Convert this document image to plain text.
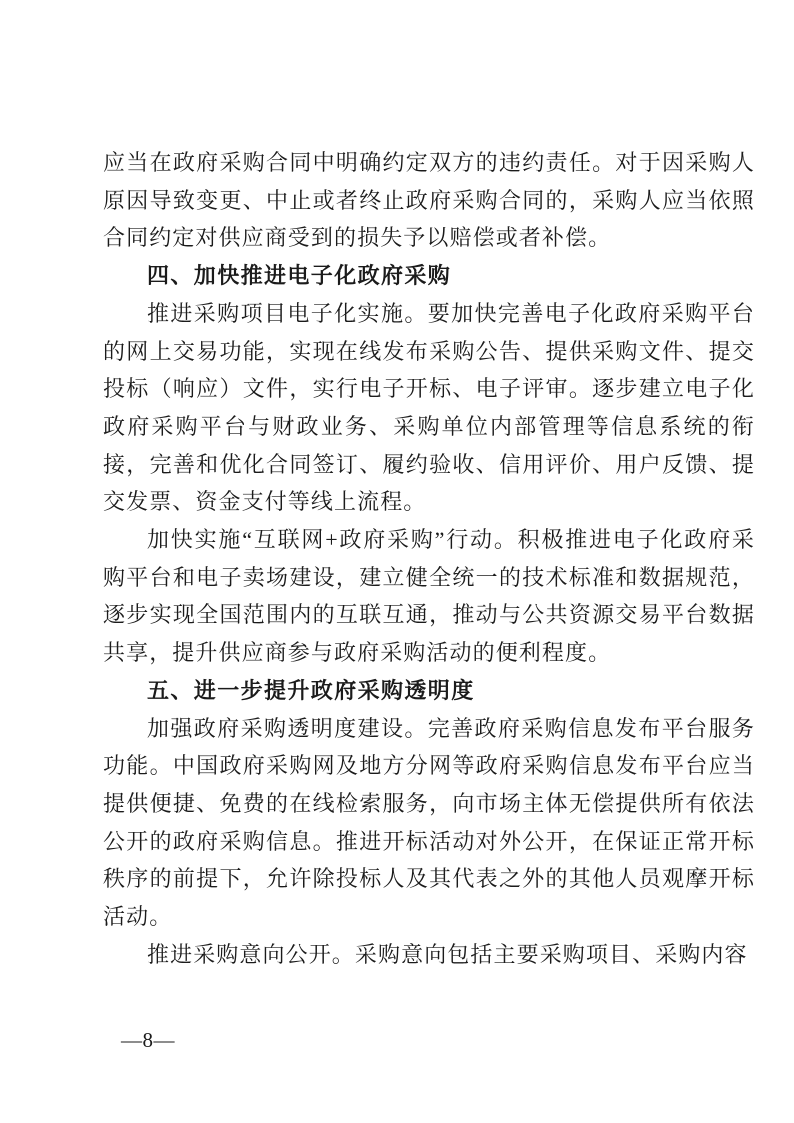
应当在政府采购合同中明确约定双方的违约责任。对于因采购人原因导致变更、中止或者终止政府采购合同的，采购人应当依照合同约定对供应商受到的损失予以赔偿或者补偿。

四、加快推进电子化政府采购

推进采购项目电子化实施。要加快完善电子化政府采购平台的网上交易功能，实现在线发布采购公告、提供采购文件、提交投标（响应）文件，实行电子开标、电子评审。逐步建立电子化政府采购平台与财政业务、采购单位内部管理等信息系统的衔接，完善和优化合同签订、履约验收、信用评价、用户反馈、提交发票、资金支付等线上流程。

加快实施“互联网+政府采购”行动。积极推进电子化政府采购平台和电子卖场建设，建立健全统一的技术标准和数据规范，逐步实现全国范围内的互联互通，推动与公共资源交易平台数据共享，提升供应商参与政府采购活动的便利程度。

五、进一步提升政府采购透明度

加强政府采购透明度建设。完善政府采购信息发布平台服务功能。中国政府采购网及地方分网等政府采购信息发布平台应当提供便捷、免费的在线检索服务，向市场主体无偿提供所有依法公开的政府采购信息。推进开标活动对外公开，在保证正常开标秩序的前提下，允许除投标人及其代表之外的其他人员观摩开标活动。

推进采购意向公开。采购意向包括主要采购项目、采购内容

—8—
